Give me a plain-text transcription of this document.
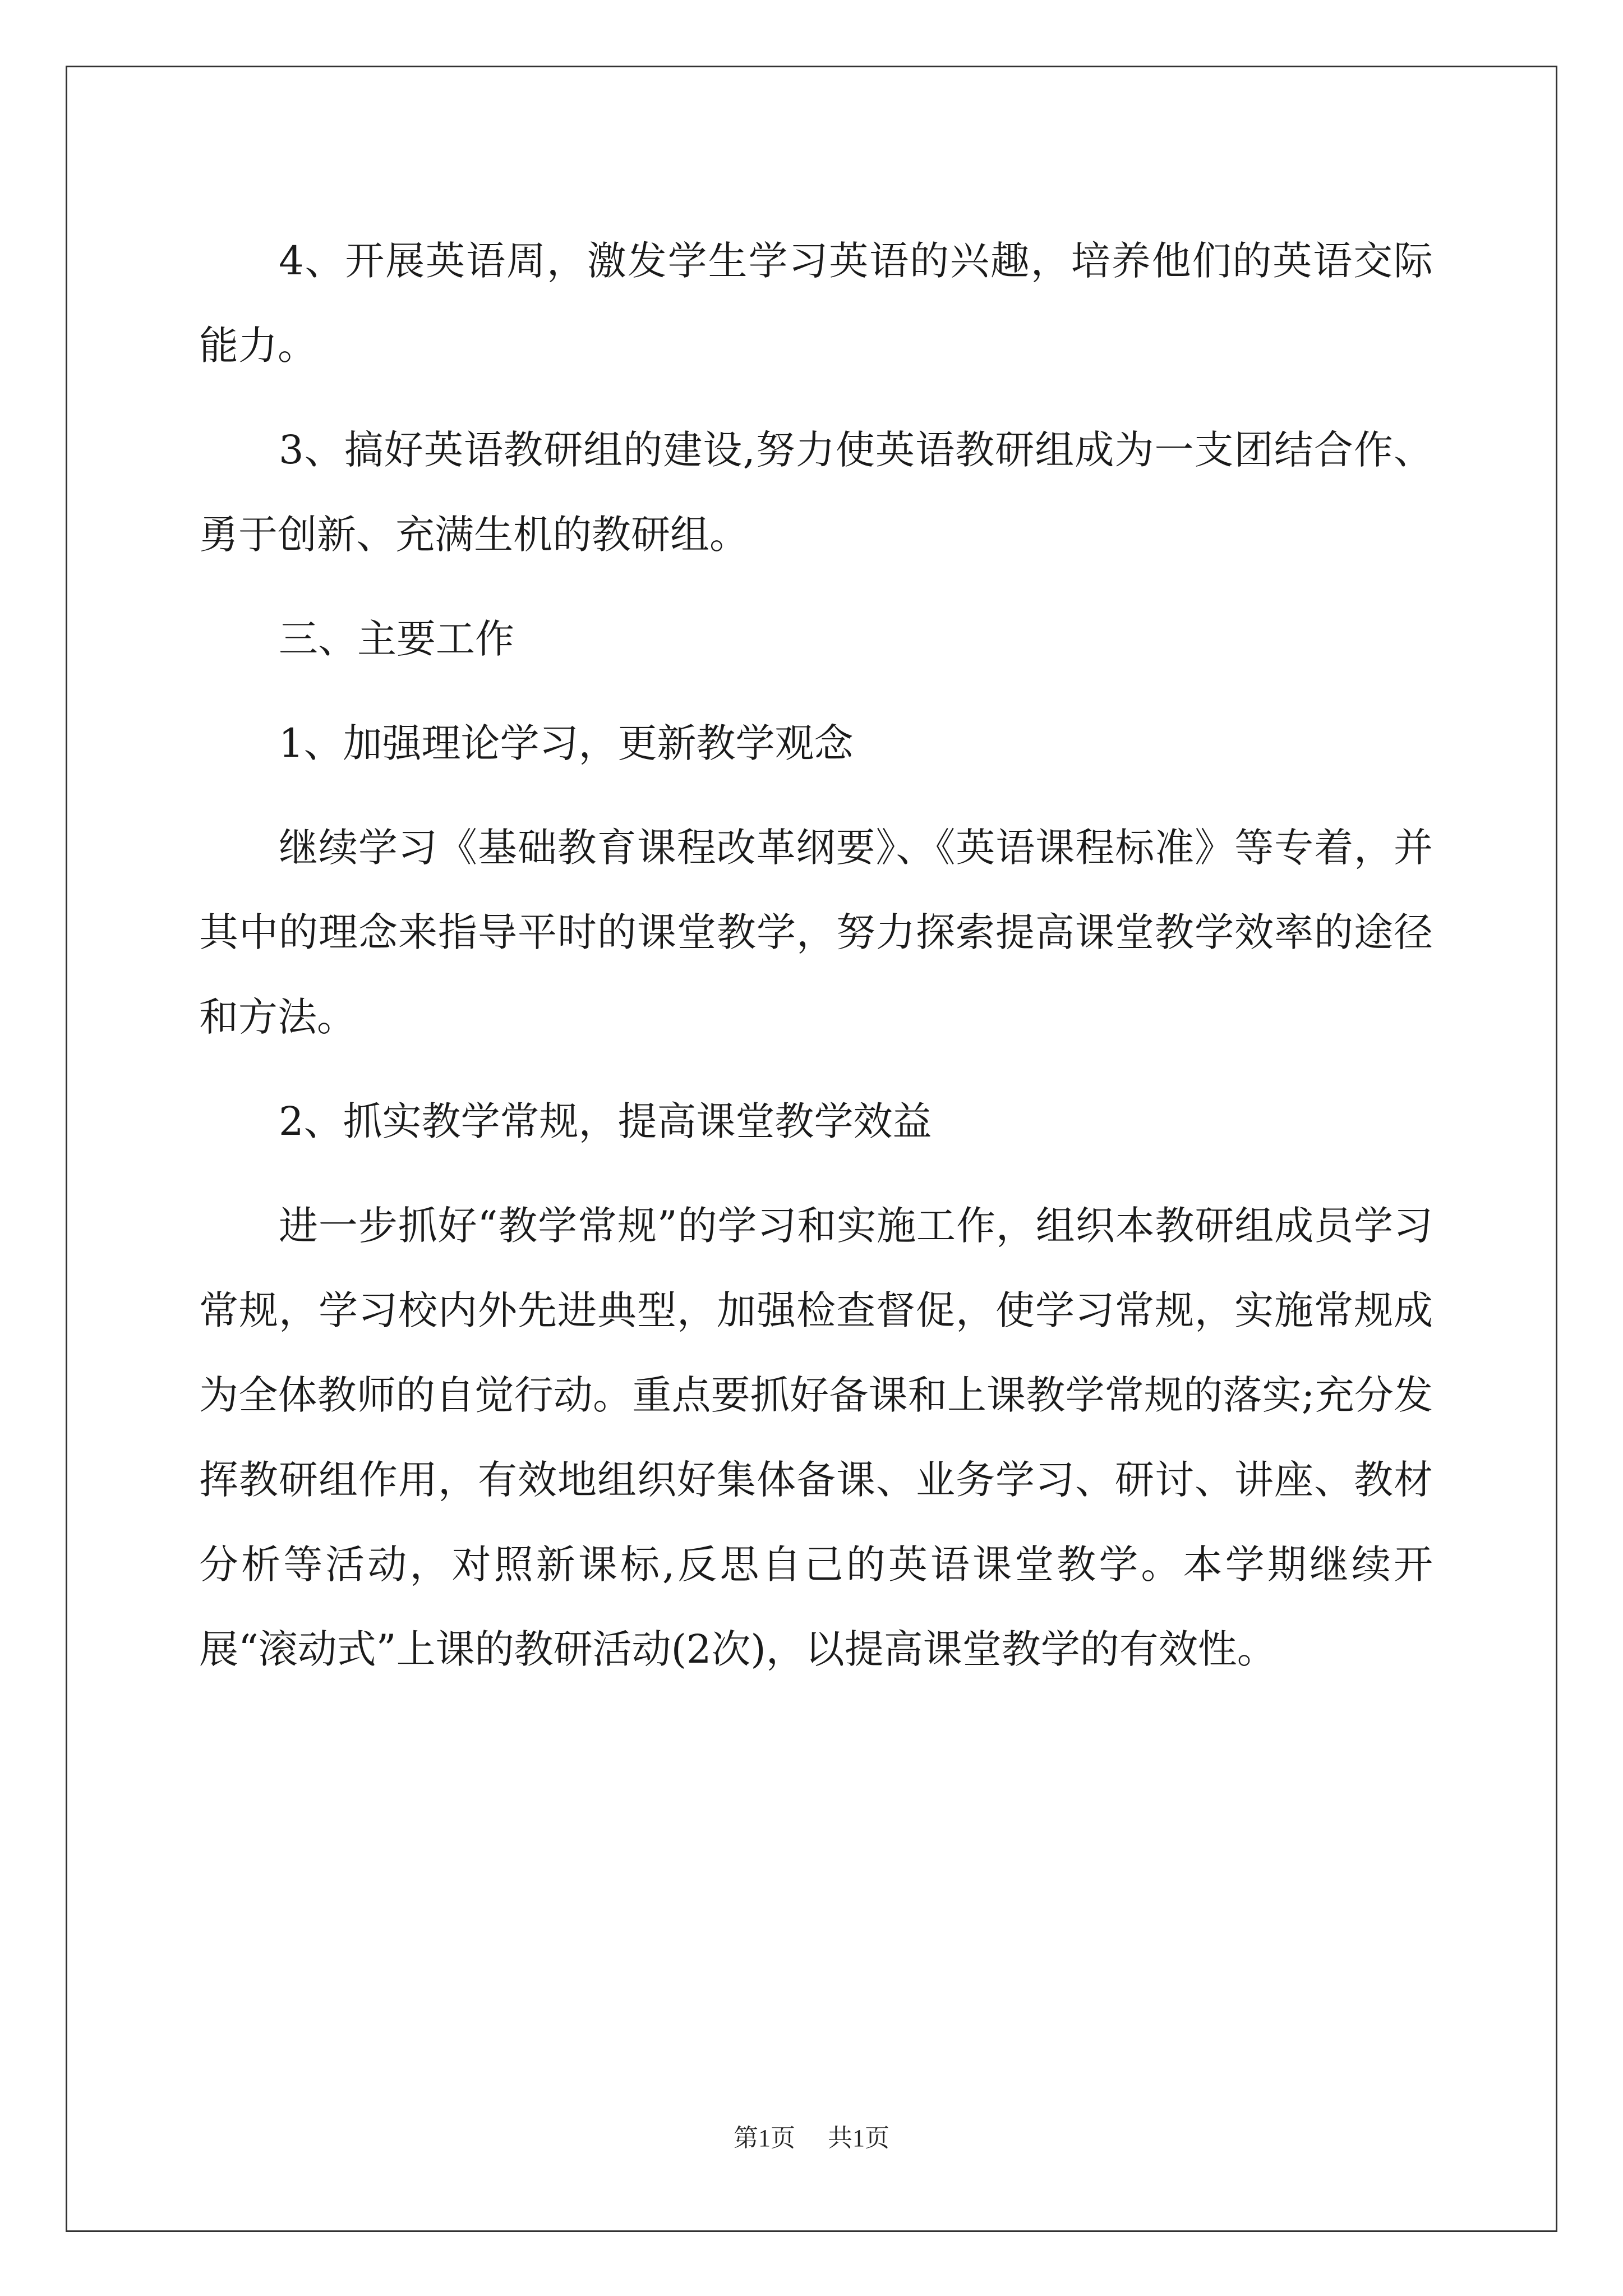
4、开展英语周，激发学生学习英语的兴趣，培养他们的英语交际能力。

3、搞好英语教研组的建设,努力使英语教研组成为一支团结合作、勇于创新、充满生机的教研组。

三、主要工作

1、加强理论学习，更新教学观念

继续学习《基础教育课程改革纲要》、《英语课程标准》等专着，并其中的理念来指导平时的课堂教学，努力探索提高课堂教学效率的途径和方法。

2、抓实教学常规，提高课堂教学效益

进一步抓好“教学常规”的学习和实施工作，组织本教研组成员学习常规，学习校内外先进典型，加强检查督促，使学习常规，实施常规成为全体教师的自觉行动。重点要抓好备课和上课教学常规的落实;充分发挥教研组作用，有效地组织好集体备课、业务学习、研讨、讲座、教材分析等活动，对照新课标,反思自己的英语课堂教学。本学期继续开展“滚动式”上课的教研活动(2次)，以提高课堂教学的有效性。

第1页 共1页
